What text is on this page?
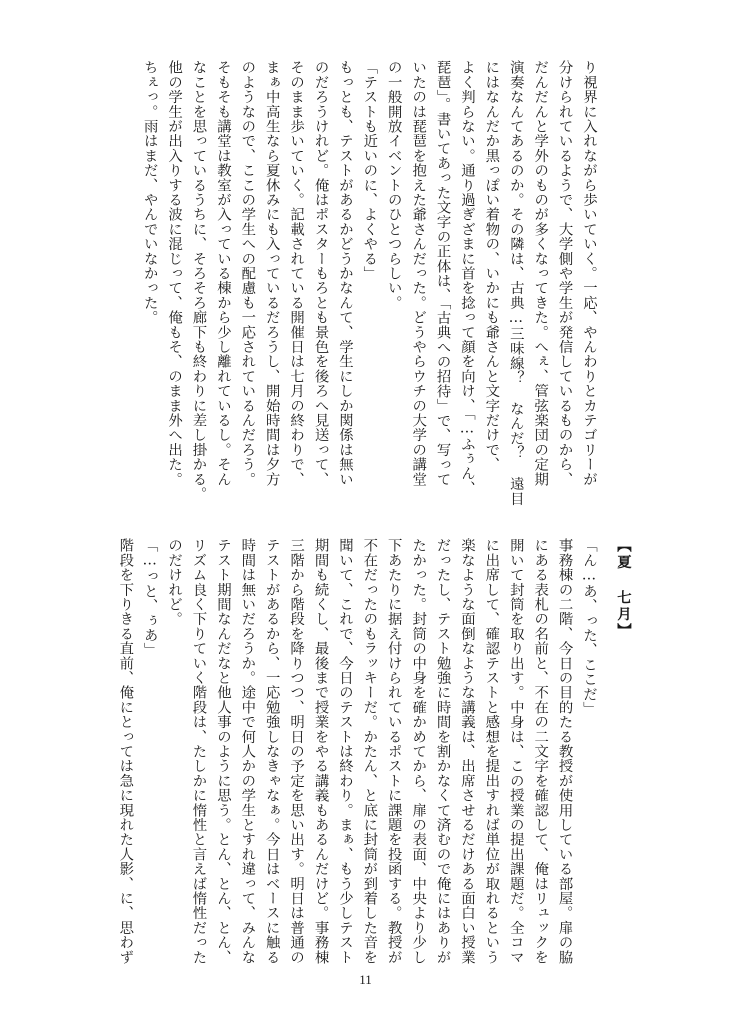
り視界に入れながら歩いていく。一応、やんわりとカテゴリーが

分けられているようで、大学側や学生が発信しているものから、

だんだんと学外のものが多くなってきた。へぇ、管弦楽団の定期

演奏なんてあるのか。その隣は、古典…三味線？ なんだ？ 遠目

にはなんだか黒っぽい着物の、いかにも爺さんと文字だけで、

よく判らない。通り過ぎざまに首を捻って顔を向け、「…ふぅん、

琵琶」。書いてあった文字の正体は、「古典への招待」で、写って

いたのは琵琶を抱えた爺さんだった。どうやらウチの大学の講堂

の一般開放イベントのひとつらしい。

「テストも近いのに、よくやる」

もっとも、テストがあるかどうかなんて、学生にしか関係は無い

のだろうけれど。俺はポスターもろとも景色を後ろへ見送って、

そのまま歩いていく。記載されている開催日は七月の終わりで、

まぁ中高生なら夏休みにも入っているだろうし、開始時間は夕方

のようなので、ここの学生への配慮も一応されているんだろう。

そもそも講堂は教室が入っている棟から少し離れているし。そん

なことを思っているうちに、そろそろ廊下も終わりに差し掛かる。

他の学生が出入りする波に混じって、俺もそ、のまま外へ出た。

ちぇっ。雨はまだ、やんでいなかった。

【夏 七月】

「ん…あ、った、ここだ」

事務棟の二階、今日の目的たる教授が使用している部屋。扉の脇

にある表札の名前と、不在の二文字を確認して、俺はリュックを

開いて封筒を取り出す。中身は、この授業の提出課題だ。全コマ

に出席して、確認テストと感想を提出すれば単位が取れるという

楽なような面倒なような講義は、出席させるだけある面白い授業

だったし、テスト勉強に時間を割かなくて済むので俺にはありが

たかった。封筒の中身を確かめてから、扉の表面、中央より少し

下あたりに据え付けられているポストに課題を投函する。教授が

不在だったのもラッキーだ。かたん、と底に封筒が到着した音を

聞いて、これで、今日のテストは終わり。まぁ、もう少しテスト

期間も続くし、最後まで授業をやる講義もあるんだけど。事務棟

三階から階段を降りつつ、明日の予定を思い出す。明日は普通の

テストがあるから、一応勉強しなきゃなぁ。今日はベースに触る

時間は無いだろうか。途中で何人かの学生とすれ違って、みんな

テスト期間なんだなと他人事のように思う。とん、とん、とん、

リズム良く下りていく階段は、たしかに惰性と言えば惰性だった

のだけれど。

「…っと、ぅあ」

階段を下りきる直前、俺にとっては急に現れた人影、に、思わず

11
